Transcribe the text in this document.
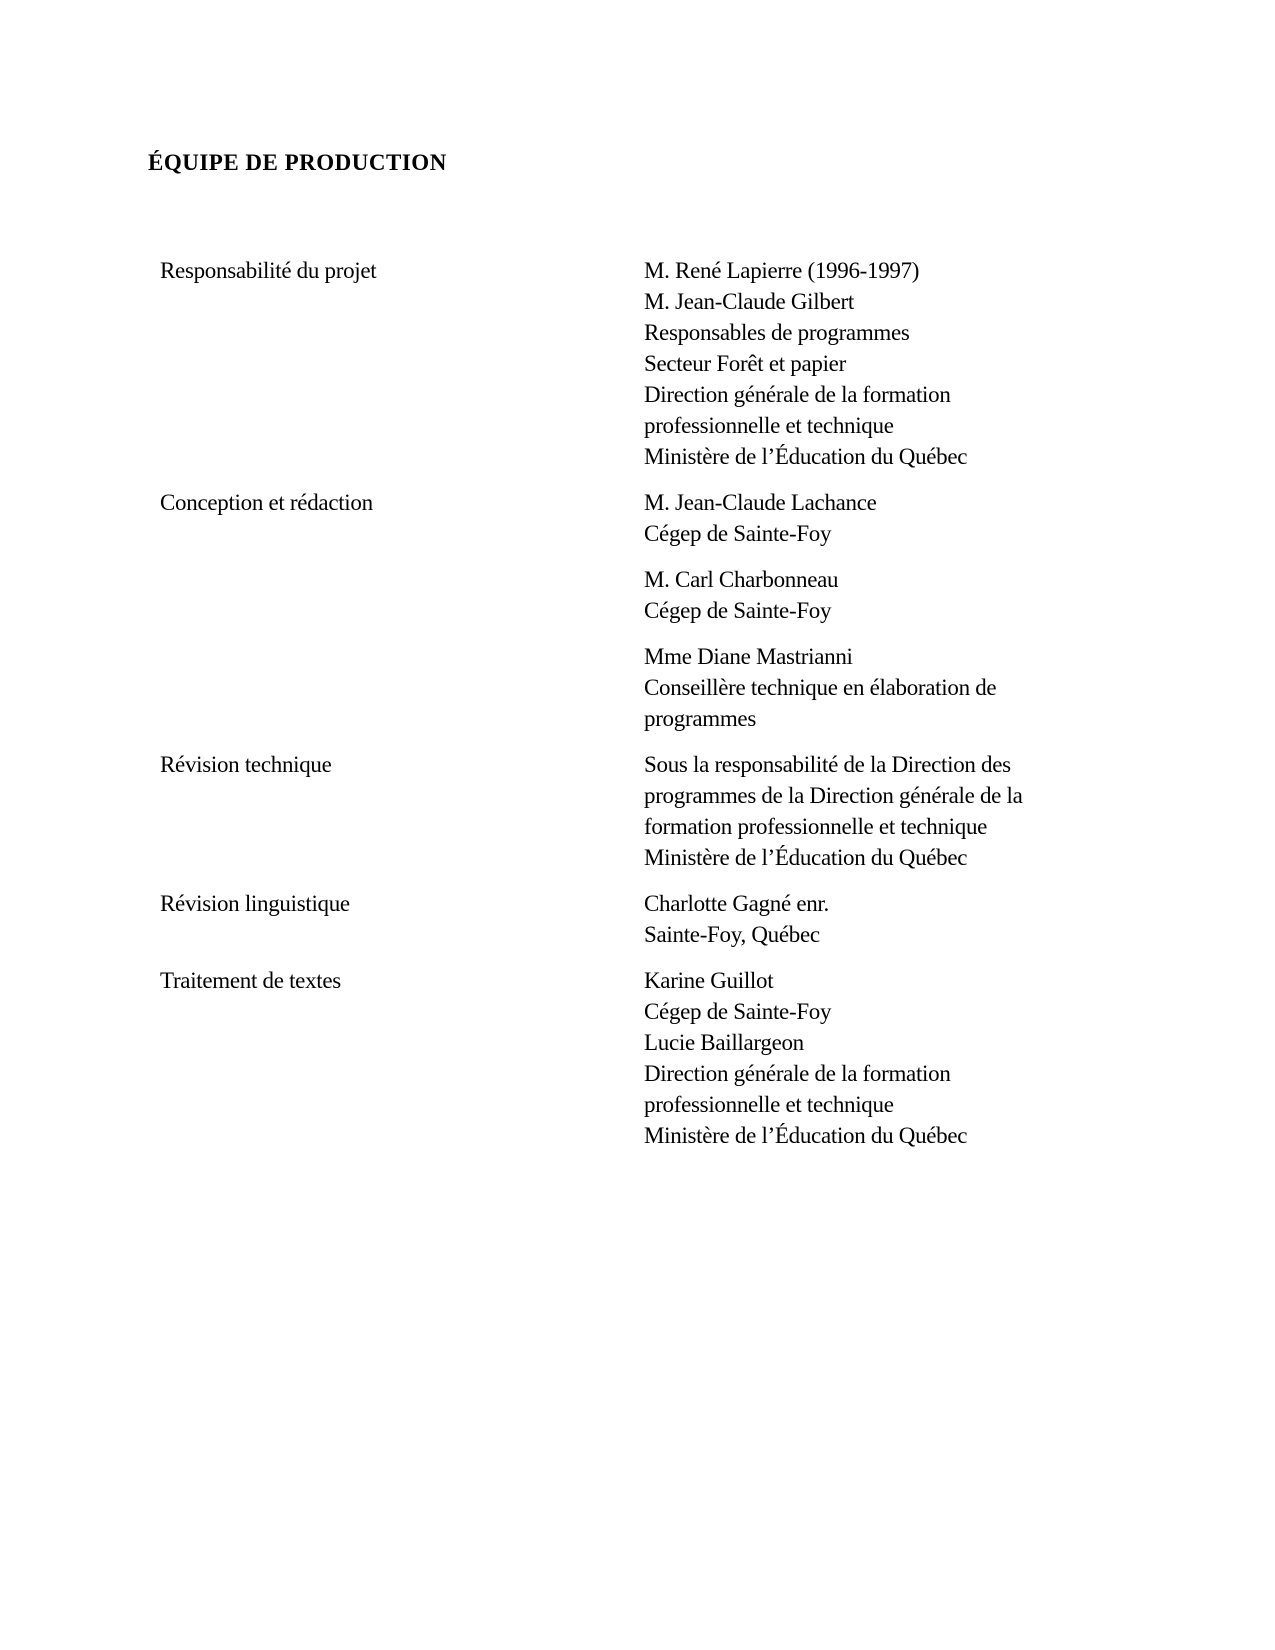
ÉQUIPE DE PRODUCTION
Responsabilité du projet	M. René Lapierre (1996-1997)
M. Jean-Claude Gilbert
Responsables de programmes
Secteur Forêt et papier
Direction générale de la formation
professionnelle et technique
Ministère de l’Éducation du Québec
Conception et rédaction	M. Jean-Claude Lachance
Cégep de Sainte-Foy
M. Carl Charbonneau
Cégep de Sainte-Foy
Mme Diane Mastrianni
Conseillère technique en élaboration de
programmes
Révision technique	Sous la responsabilité de la Direction des
programmes de la Direction générale de la
formation professionnelle et technique
Ministère de l’Éducation du Québec
Révision linguistique	Charlotte Gagné enr.
Sainte-Foy, Québec
Traitement de textes	Karine Guillot
Cégep de Sainte-Foy
Lucie Baillargeon
Direction générale de la formation
professionnelle et technique
Ministère de l’Éducation du Québec
